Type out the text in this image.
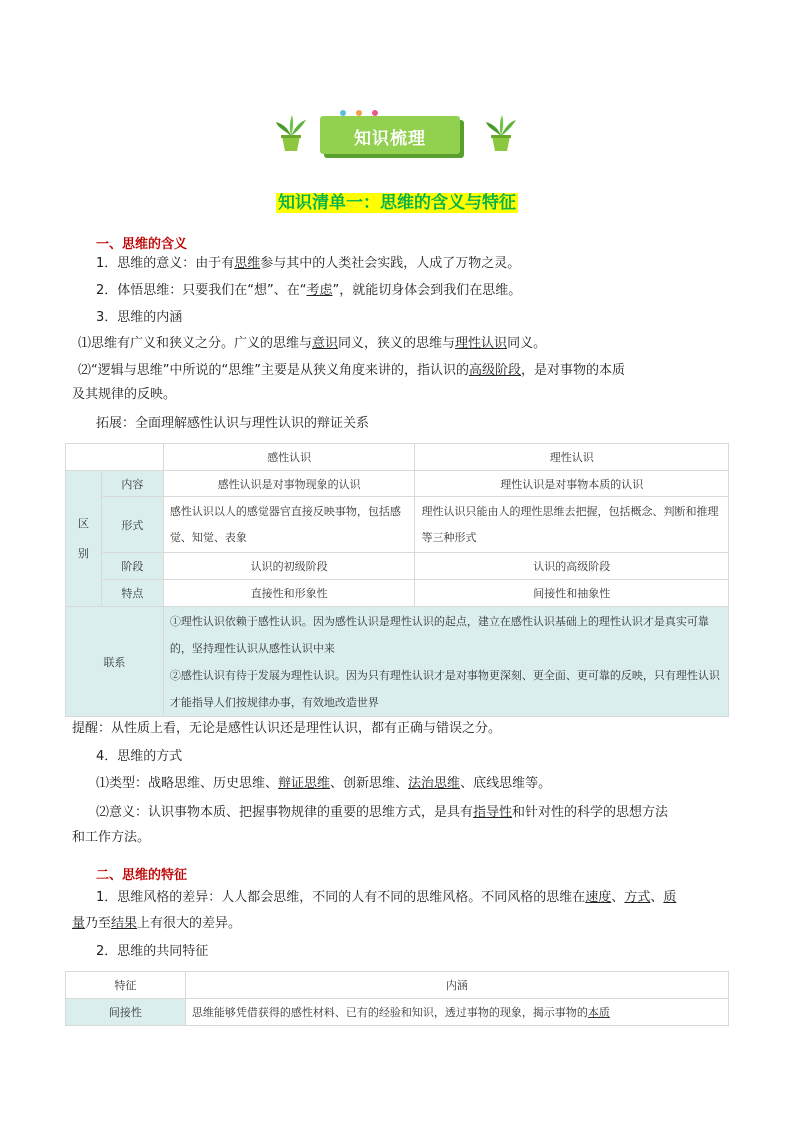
知识梳理
知识清单一：思维的含义与特征
一、思维的含义
1．思维的意义：由于有思维参与其中的人类社会实践，人成了万物之灵。
2．体悟思维：只要我们在“想”、在“考虑”，就能切身体会到我们在思维。
3．思维的内涵
⑴思维有广义和狭义之分。广义的思维与意识同义，狭义的思维与理性认识同义。
⑵“逻辑与思维”中所说的“思维”主要是从狭义角度来讲的，指认识的高级阶段，是对事物的本质
及其规律的反映。
拓展：全面理解感性认识与理性认识的辩证关系
		感性认识	理性认识

区别	内容	感性认识是对事物现象的认识	理性认识是对事物本质的认识
	形式	感性认识以人的感觉器官直接反映事物，包括感觉、知觉、表象	理性认识只能由人的理性思维去把握，包括概念、判断和推理等三种形式
	阶段	认识的初级阶段	认识的高级阶段
	特点	直接性和形象性	间接性和抽象性
联系		①理性认识依赖于感性认识。因为感性认识是理性认识的起点，建立在感性认识基础上的理性认识才是真实可靠的，坚持理性认识从感性认识中来
②感性认识有待于发展为理性认识。因为只有理性认识才是对事物更深刻、更全面、更可靠的反映，只有理性认识才能指导人们按规律办事，有效地改造世界	
提醒：从性质上看，无论是感性认识还是理性认识，都有正确与错误之分。
4．思维的方式
⑴类型：战略思维、历史思维、辩证思维、创新思维、法治思维、底线思维等。
⑵意义：认识事物本质、把握事物规律的重要的思维方式，是具有指导性和针对性的科学的思想方法
和工作方法。
二、思维的特征
1．思维风格的差异：人人都会思维，不同的人有不同的思维风格。不同风格的思维在速度、方式、质
量乃至结果上有很大的差异。
2．思维的共同特征
特征	内涵
间接性	思维能够凭借获得的感性材料、已有的经验和知识，透过事物的现象，揭示事物的本质
